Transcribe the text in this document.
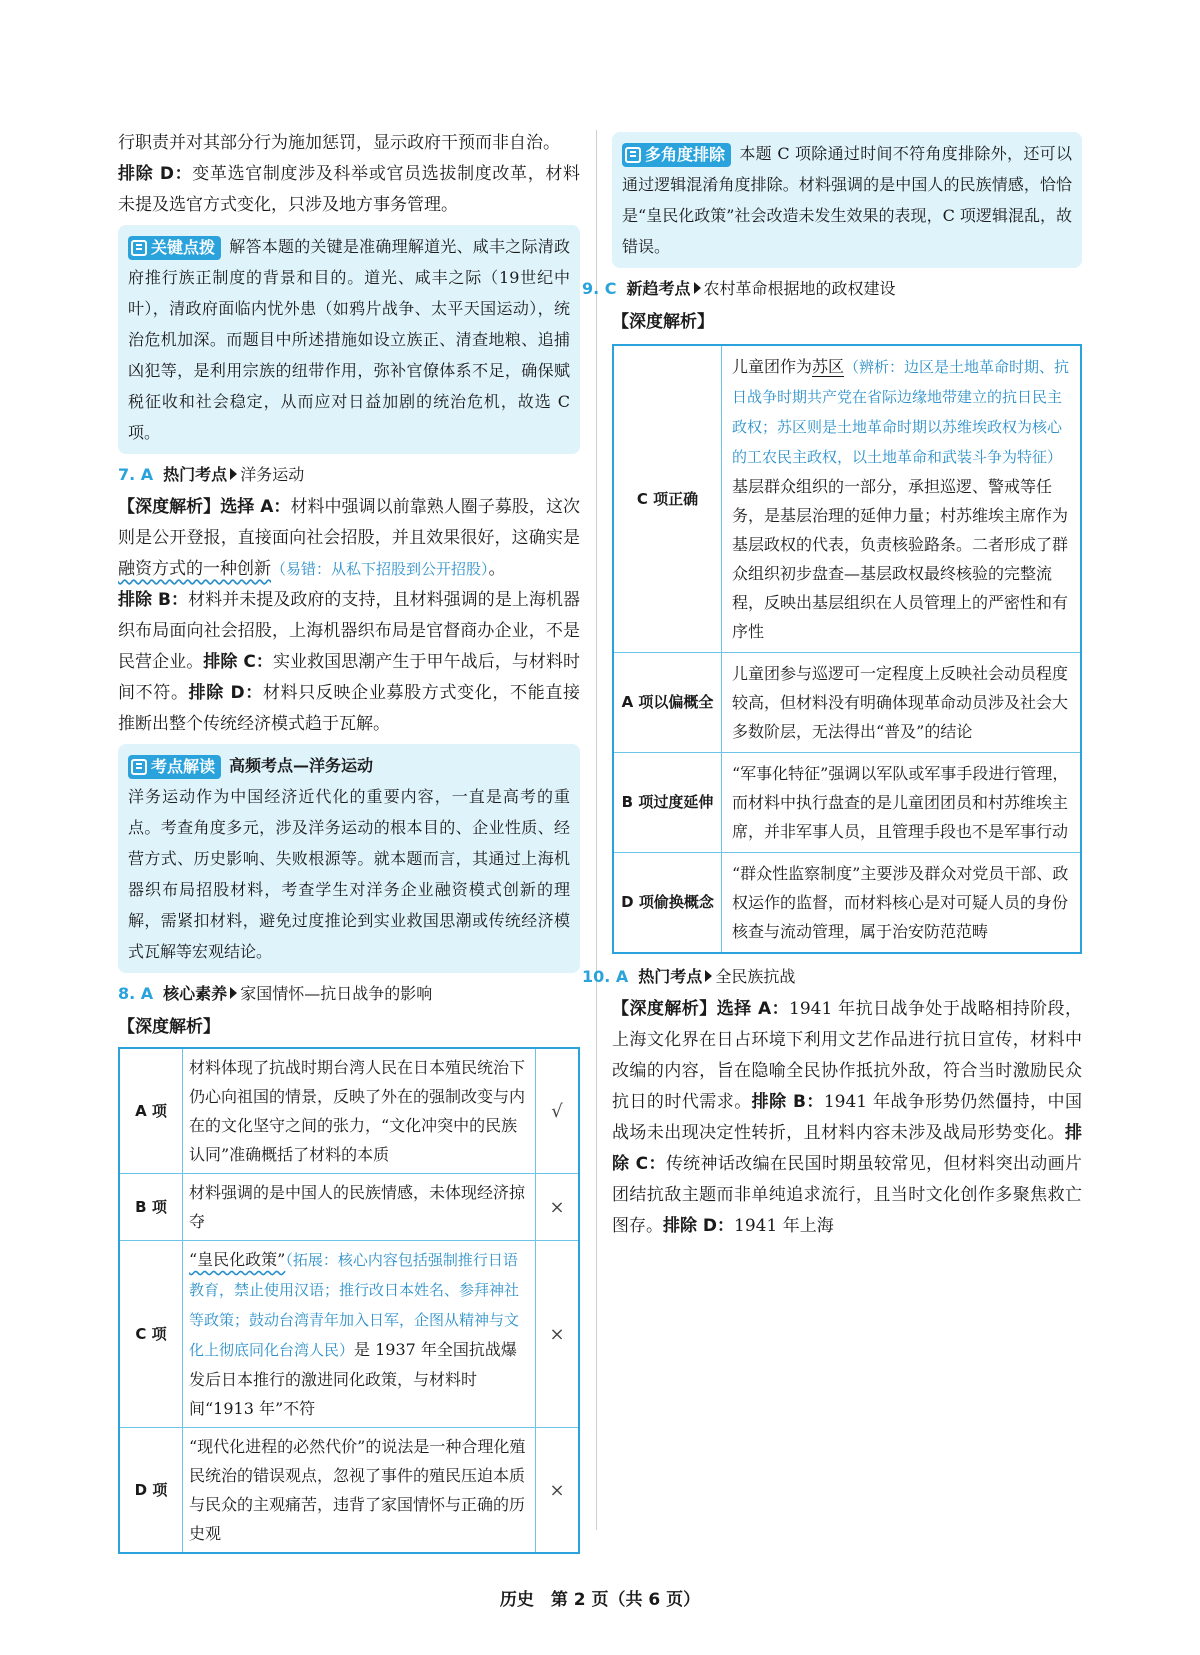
行职责并对其部分行为施加惩罚，显示政府干预而非自治。

排除 D：变革选官制度涉及科举或官员选拔制度改革，材料未提及选官方式变化，只涉及地方事务管理。

关键点拨 解答本题的关键是准确理解道光、咸丰之际清政府推行族正制度的背景和目的。道光、咸丰之际（19世纪中叶），清政府面临内忧外患（如鸦片战争、太平天国运动），统治危机加深。而题目中所述措施如设立族正、清查地粮、追捕凶犯等，是利用宗族的纽带作用，弥补官僚体系不足，确保赋税征收和社会稳定，从而应对日益加剧的统治危机，故选 C 项。

7. A 热门考点 洋务运动

【深度解析】选择 A：材料中强调以前靠熟人圈子募股，这次则是公开登报，直接面向社会招股，并且效果很好，这确实是融资方式的一种创新（易错：从私下招股到公开招股）。

排除 B：材料并未提及政府的支持，且材料强调的是上海机器织布局面向社会招股，上海机器织布局是官督商办企业，不是民营企业。排除 C：实业救国思潮产生于甲午战后，与材料时间不符。排除 D：材料只反映企业募股方式变化，不能直接推断出整个传统经济模式趋于瓦解。

考点解读 高频考点—洋务运动

洋务运动作为中国经济近代化的重要内容，一直是高考的重点。考查角度多元，涉及洋务运动的根本目的、企业性质、经营方式、历史影响、失败根源等。就本题而言，其通过上海机器织布局招股材料，考查学生对洋务企业融资模式创新的理解，需紧扣材料，避免过度推论到实业救国思潮或传统经济模式瓦解等宏观结论。

8. A 核心素养 家国情怀—抗日战争的影响

【深度解析】

A 项	材料体现了抗战时期台湾人民在日本殖民统治下仍心向祖国的情景，反映了外在的强制改变与内在的文化坚守之间的张力，“文化冲突中的民族认同”准确概括了材料的本质	√
B 项	材料强调的是中国人的民族情感，未体现经济掠夺	×
C 项	“皇民化政策”（拓展：核心内容包括强制推行日语教育，禁止使用汉语；推行改日本姓名、参拜神社等政策；鼓动台湾青年加入日军，企图从精神与文化上彻底同化台湾人民）是 1937 年全国抗战爆发后日本推行的激进同化政策，与材料时间“1913 年”不符	×
D 项	“现代化进程的必然代价”的说法是一种合理化殖民统治的错误观点，忽视了事件的殖民压迫本质与民众的主观痛苦，违背了家国情怀与正确的历史观	×

多角度排除 本题 C 项除通过时间不符角度排除外，还可以通过逻辑混淆角度排除。材料强调的是中国人的民族情感，恰恰是“皇民化政策”社会改造未发生效果的表现，C 项逻辑混乱，故错误。

9. C 新趋考点 农村革命根据地的政权建设

【深度解析】

C 项正确	儿童团作为苏区（辨析：边区是土地革命时期、抗日战争时期共产党在省际边缘地带建立的抗日民主政权；苏区则是土地革命时期以苏维埃政权为核心的工农民主政权，以土地革命和武装斗争为特征）基层群众组织的一部分，承担巡逻、警戒等任务，是基层治理的延伸力量；村苏维埃主席作为基层政权的代表，负责核验路条。二者形成了群众组织初步盘查—基层政权最终核验的完整流程，反映出基层组织在人员管理上的严密性和有序性
A 项以偏概全	儿童团参与巡逻可一定程度上反映社会动员程度较高，但材料没有明确体现革命动员涉及社会大多数阶层，无法得出“普及”的结论
B 项过度延伸	“军事化特征”强调以军队或军事手段进行管理，而材料中执行盘查的是儿童团团员和村苏维埃主席，并非军事人员，且管理手段也不是军事行动
D 项偷换概念	“群众性监察制度”主要涉及群众对党员干部、政权运作的监督，而材料核心是对可疑人员的身份核查与流动管理，属于治安防范范畴
10. A 热门考点 全民族抗战

【深度解析】选择 A：1941 年抗日战争处于战略相持阶段，上海文化界在日占环境下利用文艺作品进行抗日宣传，材料中改编的内容，旨在隐喻全民协作抵抗外敌，符合当时激励民众抗日的时代需求。排除 B：1941 年战争形势仍然僵持，中国战场未出现决定性转折，且材料内容未涉及战局形势变化。排除 C：传统神话改编在民国时期虽较常见，但材料突出动画片团结抗敌主题而非单纯追求流行，且当时文化创作多聚焦救亡图存。排除 D：1941 年上海

历史　第 2 页（共 6 页）
